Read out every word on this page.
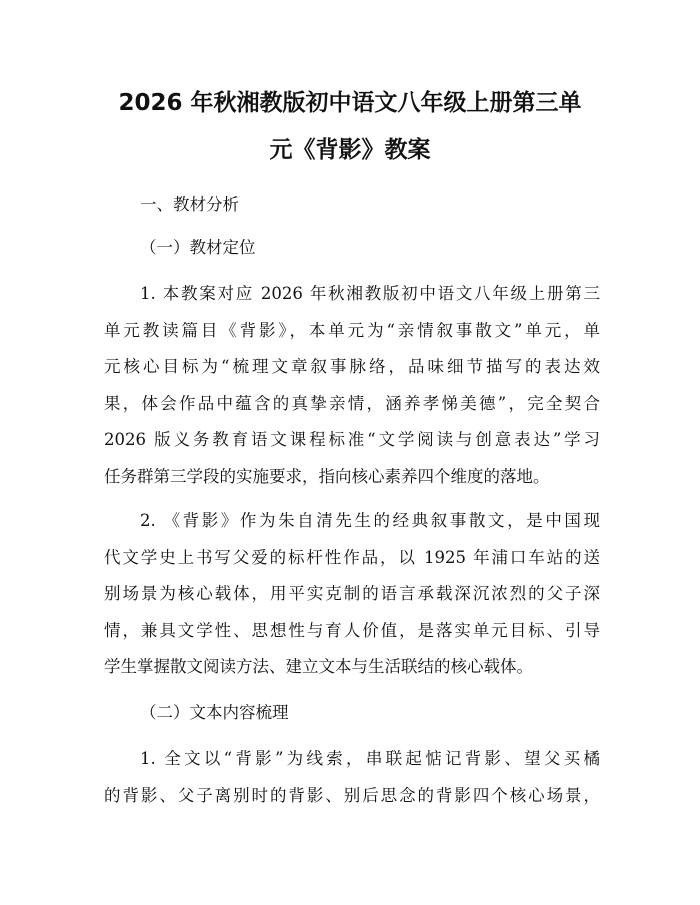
2026 年秋湘教版初中语文八年级上册第三单
元《背影》教案

一、教材分析

（一）教材定位

1. 本教案对应 2026 年秋湘教版初中语文八年级上册第三
单元教读篇目《背影》，本单元为“亲情叙事散文”单元，单
元核心目标为“梳理文章叙事脉络，品味细节描写的表达效
果，体会作品中蕴含的真挚亲情，涵养孝悌美德”，完全契合
2026 版义务教育语文课程标准“文学阅读与创意表达”学习
任务群第三学段的实施要求，指向核心素养四个维度的落地。
2. 《背影》作为朱自清先生的经典叙事散文，是中国现
代文学史上书写父爱的标杆性作品，以 1925 年浦口车站的送
别场景为核心载体，用平实克制的语言承载深沉浓烈的父子深
情，兼具文学性、思想性与育人价值，是落实单元目标、引导
学生掌握散文阅读方法、建立文本与生活联结的核心载体。

（二）文本内容梳理

1. 全文以“背影”为线索，串联起惦记背影、望父买橘
的背影、父子离别时的背影、别后思念的背影四个核心场景，
